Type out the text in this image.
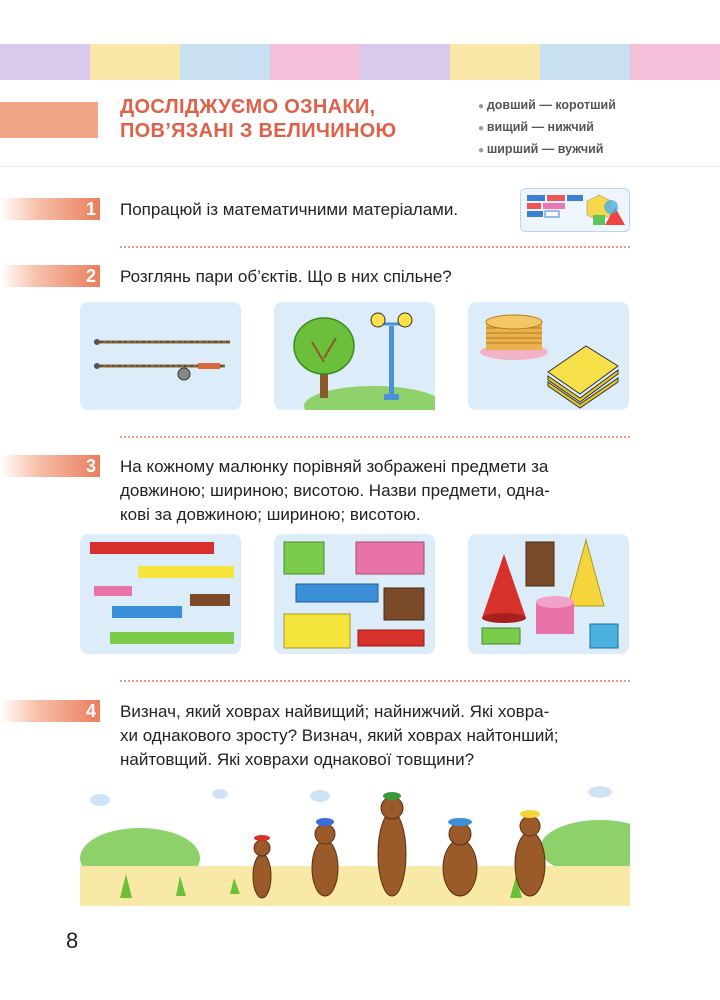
ДОСЛІДЖУЄМО ОЗНАКИ,
ПОВ’ЯЗАНІ З ВЕЛИЧИНОЮ
● довший — коротший
● вищий — нижчий
● ширший — вужчий
1 Попрацюй із математичними матеріалами.
2 Розглянь пари об’єктів. Що в них спільне?
3 На кожному малюнку порівняй зображені предмети за
довжиною; шириною; висотою. Назви предмети, одна-
кові за довжиною; шириною; висотою.
4 Визнач, який ховрах найвищий; найнижчий. Які ховра-
хи однакового зросту? Визнач, який ховрах найтонший;
найтовщий. Які ховрахи однакової товщини?
8
